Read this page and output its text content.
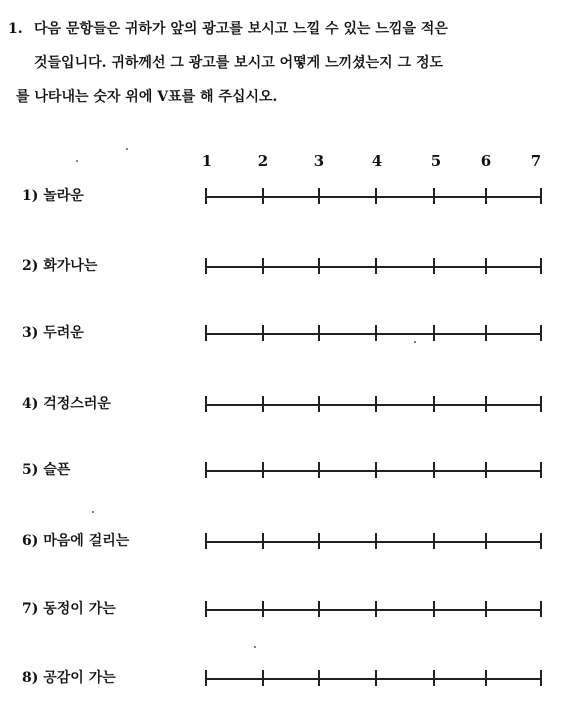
1. 다음 문항들은 귀하가 앞의 광고를 보시고 느낄 수 있는 느낌을 적은
것들입니다. 귀하께선 그 광고를 보시고 어떻게 느끼셨는지 그 정도
를 나타내는 숫자 위에 V표를 해 주십시오.
1	2	3	4	5	6	7
1) 놀라운
2) 화가나는
3) 두려운
4) 걱정스러운
5) 슬픈
6) 마음에 걸리는
7) 동정이 가는
8) 공감이 가는
